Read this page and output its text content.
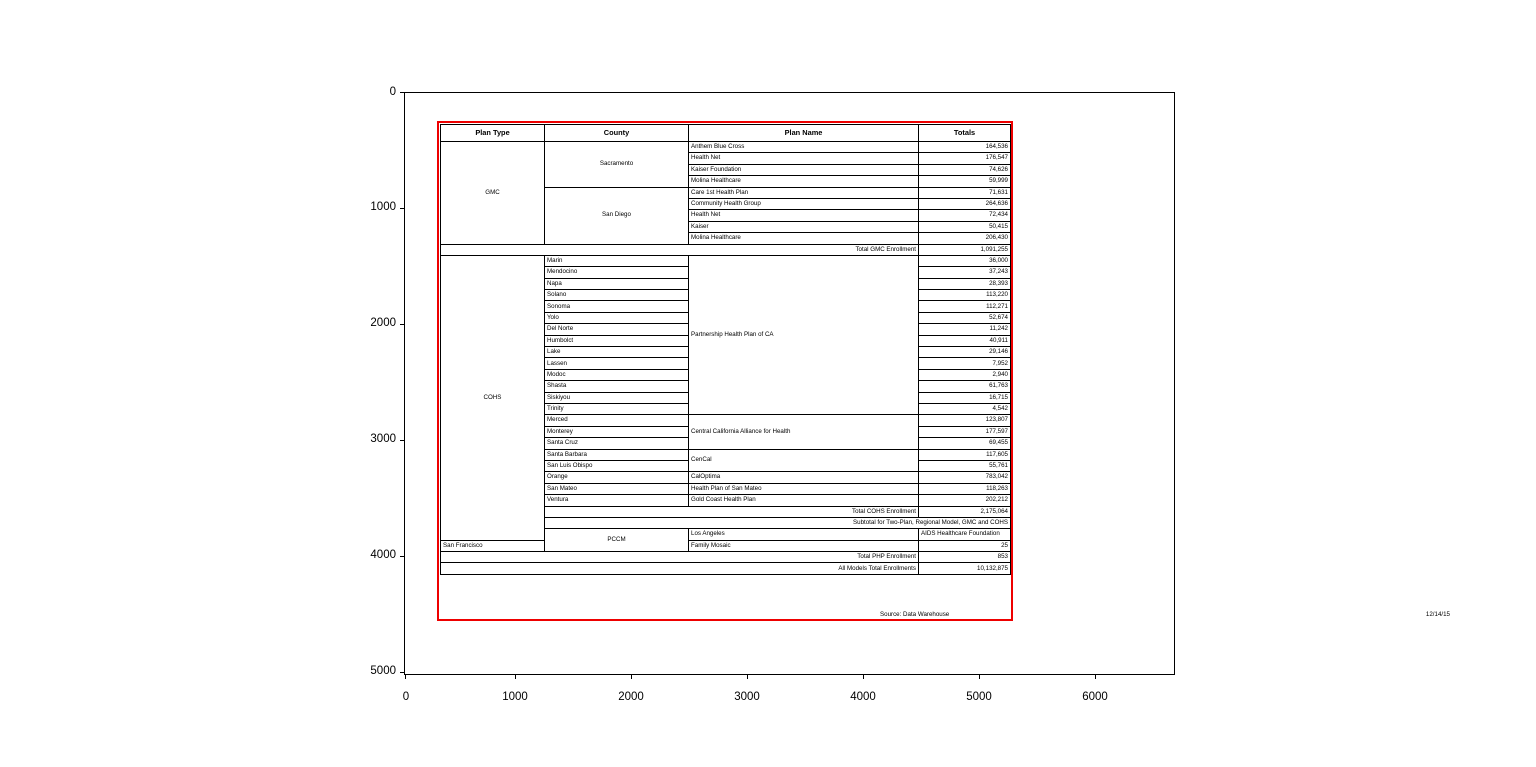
0
1000
2000
3000
4000
5000
0	1000	2000	3000	4000	5000	6000
Plan Type	County	Plan Name	Totals	
GMC	Sacramento	Anthem Blue Cross	164,536	
		Health Net	176,547	
		Kaiser Foundation	74,626	
		Molina Healthcare	59,999	
	San Diego	Care 1st Health Plan	71,631	
		Community Health Group	264,636	
		Health Net	72,434	
		Kaiser	50,415	
		Molina Healthcare	206,430	
Total GMC Enrollment			1,091,255	
COHS	Marin	Partnership Health Plan of CA	36,000	
	Mendocino		37,243	
	Napa		28,393	
	Solano		113,220	
	Sonoma		112,271	
	Yolo		52,674	
	Del Norte		11,242	
	Humbolct		40,911	
	Lake		29,146	
	Lassen		7,952	
	Modoc		2,940	
	Shasta		61,763	
	Siskiyou		16,715	
	Trinity		4,542	
	Merced	Central California Alliance for Health	123,807	
	Monterey		177,597	
	Santa Cruz		69,455	
	Santa Barbara	CenCal	117,605	
	San Luis Obispo		55,761	
	Orange	CalOptima	783,042	
	San Mateo	Health Plan of San Mateo	118,263	
	Ventura	Gold Coast Health Plan	202,212	
	Total COHS Enrollment		2,175,064	
	Subtotal for Two-Plan, Regional Model, GMC and COHS	
	PCCM	Los Angeles	AIDS Healthcare Foundation	
San Francisco		Family Mosaic	25	
Total PHP Enrollment			853	
All Models Total Enrollments			10,132,875	
Source: Data Warehouse	12/14/15
